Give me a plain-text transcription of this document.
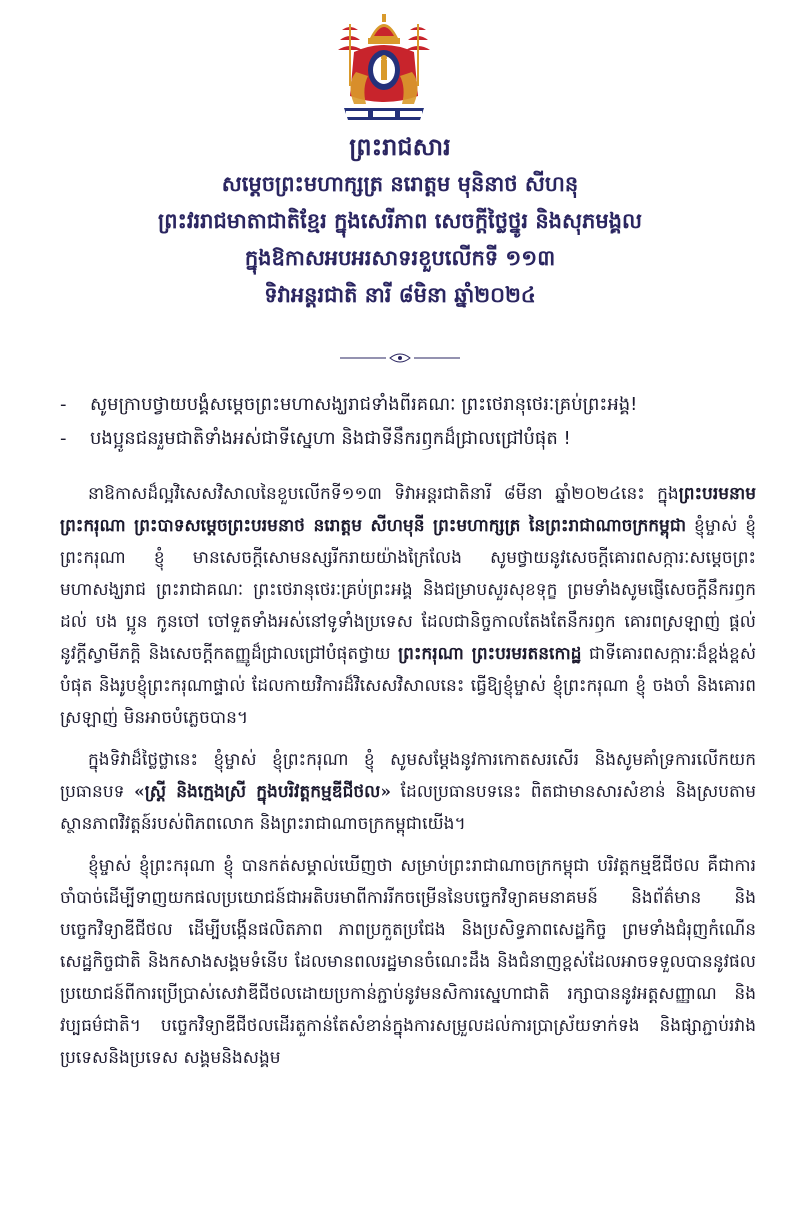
ព្រះរាជសារ
សម្តេចព្រះមហាក្សត្រ នរោត្តម មុនិនាថ សីហនុ
ព្រះវររាជមាតាជាតិខ្មែរ ក្នុងសេរីភាព សេចក្តីថ្លៃថ្នូរ និងសុភមង្គល
ក្នុងឱកាសអបអរសាទរខួបលើកទី ១១៣
ទិវាអន្តរជាតិ នារី ៨មិនា ឆ្នាំ២០២៤
- សូមក្រាបថ្វាយបង្គំសម្តេចព្រះមហាសង្ឃរាជទាំងពីរគណៈ ព្រះថេរានុថេរៈគ្រប់ព្រះអង្គ!
- បងប្អូនជនរួមជាតិទាំងអស់ជាទីស្នេហា និងជាទីនឹករឭកដ៏ជ្រាលជ្រៅបំផុត !

នាឱកាសដ៏ល្អវិសេសវិសាលនៃខួបលើកទី១១៣ ទិវាអន្តរជាតិនារី ៨មីនា ឆ្នាំ២០២៤នេះ ក្នុងព្រះបរមនាម ព្រះករុណា ព្រះបាទសម្តេចព្រះបរមនាថ នរោត្តម សីហមុនី ព្រះមហាក្សត្រ នៃព្រះរាជាណាចក្រកម្ពុជា ខ្ញុំម្ចាស់ ខ្ញុំព្រះករុណា ខ្ញុំ មានសេចក្តីសោមនស្សរីករាយយ៉ាងក្រៃលែង សូមថ្វាយនូវសេចក្តីគោរពសក្ការៈសម្តេចព្រះមហាសង្ឃរាជ ព្រះរាជាគណៈ ព្រះថេរានុថេរៈគ្រប់ព្រះអង្គ និងជម្រាបសួរសុខទុក្ខ ព្រមទាំងសូមផ្ញើសេចក្តីនឹករឭកដល់ បង ប្អូន កូនចៅ ចៅទួតទាំងអស់នៅទូទាំងប្រទេស ដែលជានិច្ចកាលតែងតែនឹករឭក គោរពស្រឡាញ់ ផ្តល់នូវក្តីស្វាមីភក្តិ និងសេចក្តីកតញ្ញូដ៏ជ្រាលជ្រៅបំផុតថ្វាយ ព្រះករុណា ព្រះបរមរតនកោដ្ឋ ជាទីគោរពសក្ការៈដ៏ខ្ពង់ខ្ពស់បំផុត និងរូបខ្ញុំព្រះករុណាផ្ទាល់ ដែលកាយវិការដ៏វិសេសវិសាលនេះ ធ្វើឱ្យខ្ញុំម្ចាស់ ខ្ញុំព្រះករុណា ខ្ញុំ ចងចាំ និងគោរពស្រឡាញ់ មិនអាចបំភ្លេចបាន។

ក្នុងទិវាដ៏ថ្លៃថ្លានេះ ខ្ញុំម្ចាស់ ខ្ញុំព្រះករុណា ខ្ញុំ សូមសម្តែងនូវការកោតសរសើរ និងសូមគាំទ្រការលើកយកប្រធានបទ «ស្ត្រី និងក្មេងស្រី ក្នុងបរិវត្តកម្មឌីជីថល» ដែលប្រធានបទនេះ ពិតជាមានសារសំខាន់ និងស្របតាមស្ថានភាពវិវត្តន៍របស់ពិភពលោក និងព្រះរាជាណាចក្រកម្ពុជាយើង។

ខ្ញុំម្ចាស់ ខ្ញុំព្រះករុណា ខ្ញុំ បានកត់សម្គាល់ឃើញថា សម្រាប់ព្រះរាជាណាចក្រកម្ពុជា បរិវត្តកម្មឌីជីថល គឺជាការចាំបាច់ដើម្បីទាញយកផលប្រយោជន៍ជាអតិបរមាពីការរីកចម្រើននៃបច្ចេកវិទ្យាគមនាគមន៍ និងព័ត៌មាន និងបច្ចេកវិទ្យាឌីជីថល ដើម្បីបង្កើនផលិតភាព ភាពប្រកួតប្រជែង និងប្រសិទ្ធភាពសេដ្ឋកិច្ច ព្រមទាំងជំរុញកំណើនសេដ្ឋកិច្ចជាតិ និងកសាងសង្គមទំនើប ដែលមានពលរដ្ឋមានចំណេះដឹង និងជំនាញខ្ពស់ដែលអាចទទួលបាននូវផលប្រយោជន៍ពីការប្រើប្រាស់សេវាឌីជីថលដោយប្រកាន់ភ្ជាប់នូវមនសិការស្នេហាជាតិ រក្សាបាននូវអត្តសញ្ញាណ និងវប្បធម៌ជាតិ។ បច្ចេកវិទ្យាឌីជីថលដើរតួកាន់តែសំខាន់ក្នុងការសម្រួលដល់ការប្រាស្រ័យទាក់ទង និងផ្សាភ្ជាប់រវាងប្រទេសនិងប្រទេស សង្គមនិងសង្គម
